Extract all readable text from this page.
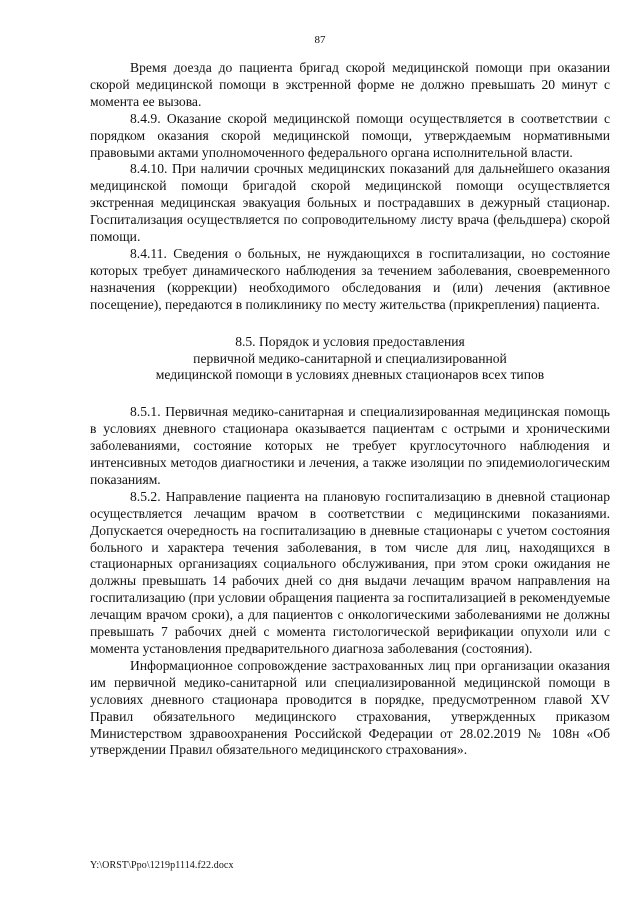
87

Время доезда до пациента бригад скорой медицинской помощи при оказании скорой медицинской помощи в экстренной форме не должно превышать 20 минут с момента ее вызова.

8.4.9. Оказание скорой медицинской помощи осуществляется в соответствии с порядком оказания скорой медицинской помощи, утверждаемым нормативными правовыми актами уполномоченного федерального органа исполнительной власти.

8.4.10. При наличии срочных медицинских показаний для дальнейшего оказания медицинской помощи бригадой скорой медицинской помощи осуществляется экстренная медицинская эвакуация больных и пострадавших в дежурный стационар. Госпитализация осуществляется по сопроводительному листу врача (фельдшера) скорой помощи.

8.4.11. Сведения о больных, не нуждающихся в госпитализации, но состояние которых требует динамического наблюдения за течением заболевания, своевременного назначения (коррекции) необходимого обследования и (или) лечения (активное посещение), передаются в поликлинику по месту жительства (прикрепления) пациента.

8.5. Порядок и условия предоставления
первичной медико-санитарной и специализированной
медицинской помощи в условиях дневных стационаров всех типов

8.5.1. Первичная медико-санитарная и специализированная медицинская помощь в условиях дневного стационара оказывается пациентам с острыми и хроническими заболеваниями, состояние которых не требует круглосуточного наблюдения и интенсивных методов диагностики и лечения, а также изоляции по эпидемиологическим показаниям.

8.5.2. Направление пациента на плановую госпитализацию в дневной стационар осуществляется лечащим врачом в соответствии с медицинскими показаниями. Допускается очередность на госпитализацию в дневные стационары с учетом состояния больного и характера течения заболевания, в том числе для лиц, находящихся в стационарных организациях социального обслуживания, при этом сроки ожидания не должны превышать 14 рабочих дней со дня выдачи лечащим врачом направления на госпитализацию (при условии обращения пациента за госпитализацией в рекомендуемые лечащим врачом сроки), а для пациентов с онкологическими заболеваниями не должны превышать 7 рабочих дней с момента гистологической верификации опухоли или с момента установления предварительного диагноза заболевания (состояния).

Информационное сопровождение застрахованных лиц при организации оказания им первичной медико-санитарной или специализированной медицинской помощи в условиях дневного стационара проводится в порядке, предусмотренном главой XV Правил обязательного медицинского страхования, утвержденных приказом Министерством здравоохранения Российской Федерации от 28.02.2019 № 108н «Об утверждении Правил обязательного медицинского страхования».

Y:\ORST\Ppo\1219p1114.f22.docx
